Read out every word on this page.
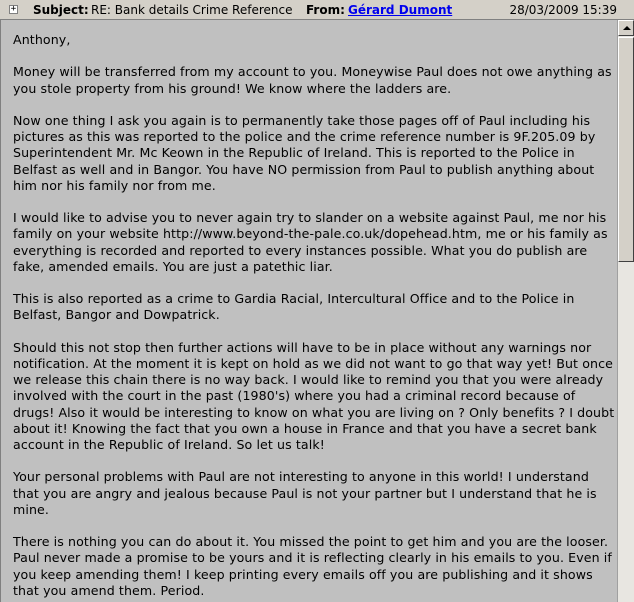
+ Subject: RE: Bank details Crime Reference From: Gérard Dumont	28/03/2009 15:39

Anthony,

Money will be transferred from my account to you. Moneywise Paul does not owe anything as you stole property from his ground! We know where the ladders are.

Now one thing I ask you again is to permanently take those pages off of Paul including his pictures as this was reported to the police and the crime reference number is 9F.205.09 by Superintendent Mr. Mc Keown in the Republic of Ireland. This is reported to the Police in Belfast as well and in Bangor. You have NO permission from Paul to publish anything about him nor his family nor from me.

I would like to advise you to never again try to slander on a website against Paul, me nor his family on your website http://www.beyond-the-pale.co.uk/dopehead.htm, me or his family as everything is recorded and reported to every instances possible. What you do publish are fake, amended emails. You are just a patethic liar.

This is also reported as a crime to Gardia Racial, Intercultural Office and to the Police in Belfast, Bangor and Dowpatrick.

Should this not stop then further actions will have to be in place without any warnings nor notification. At the moment it is kept on hold as we did not want to go that way yet! But once we release this chain there is no way back. I would like to remind you that you were already involved with the court in the past (1980's) where you had a criminal record because of drugs! Also it would be interesting to know on what you are living on ? Only benefits ? I doubt about it! Knowing the fact that you own a house in France and that you have a secret bank account in the Republic of Ireland. So let us talk!

Your personal problems with Paul are not interesting to anyone in this world! I understand that you are angry and jealous because Paul is not your partner but I understand that he is mine.

There is nothing you can do about it. You missed the point to get him and you are the looser. Paul never made a promise to be yours and it is reflecting clearly in his emails to you. Even if you keep amending them! I keep printing every emails off you are publishing and it shows that you amend them. Period.
